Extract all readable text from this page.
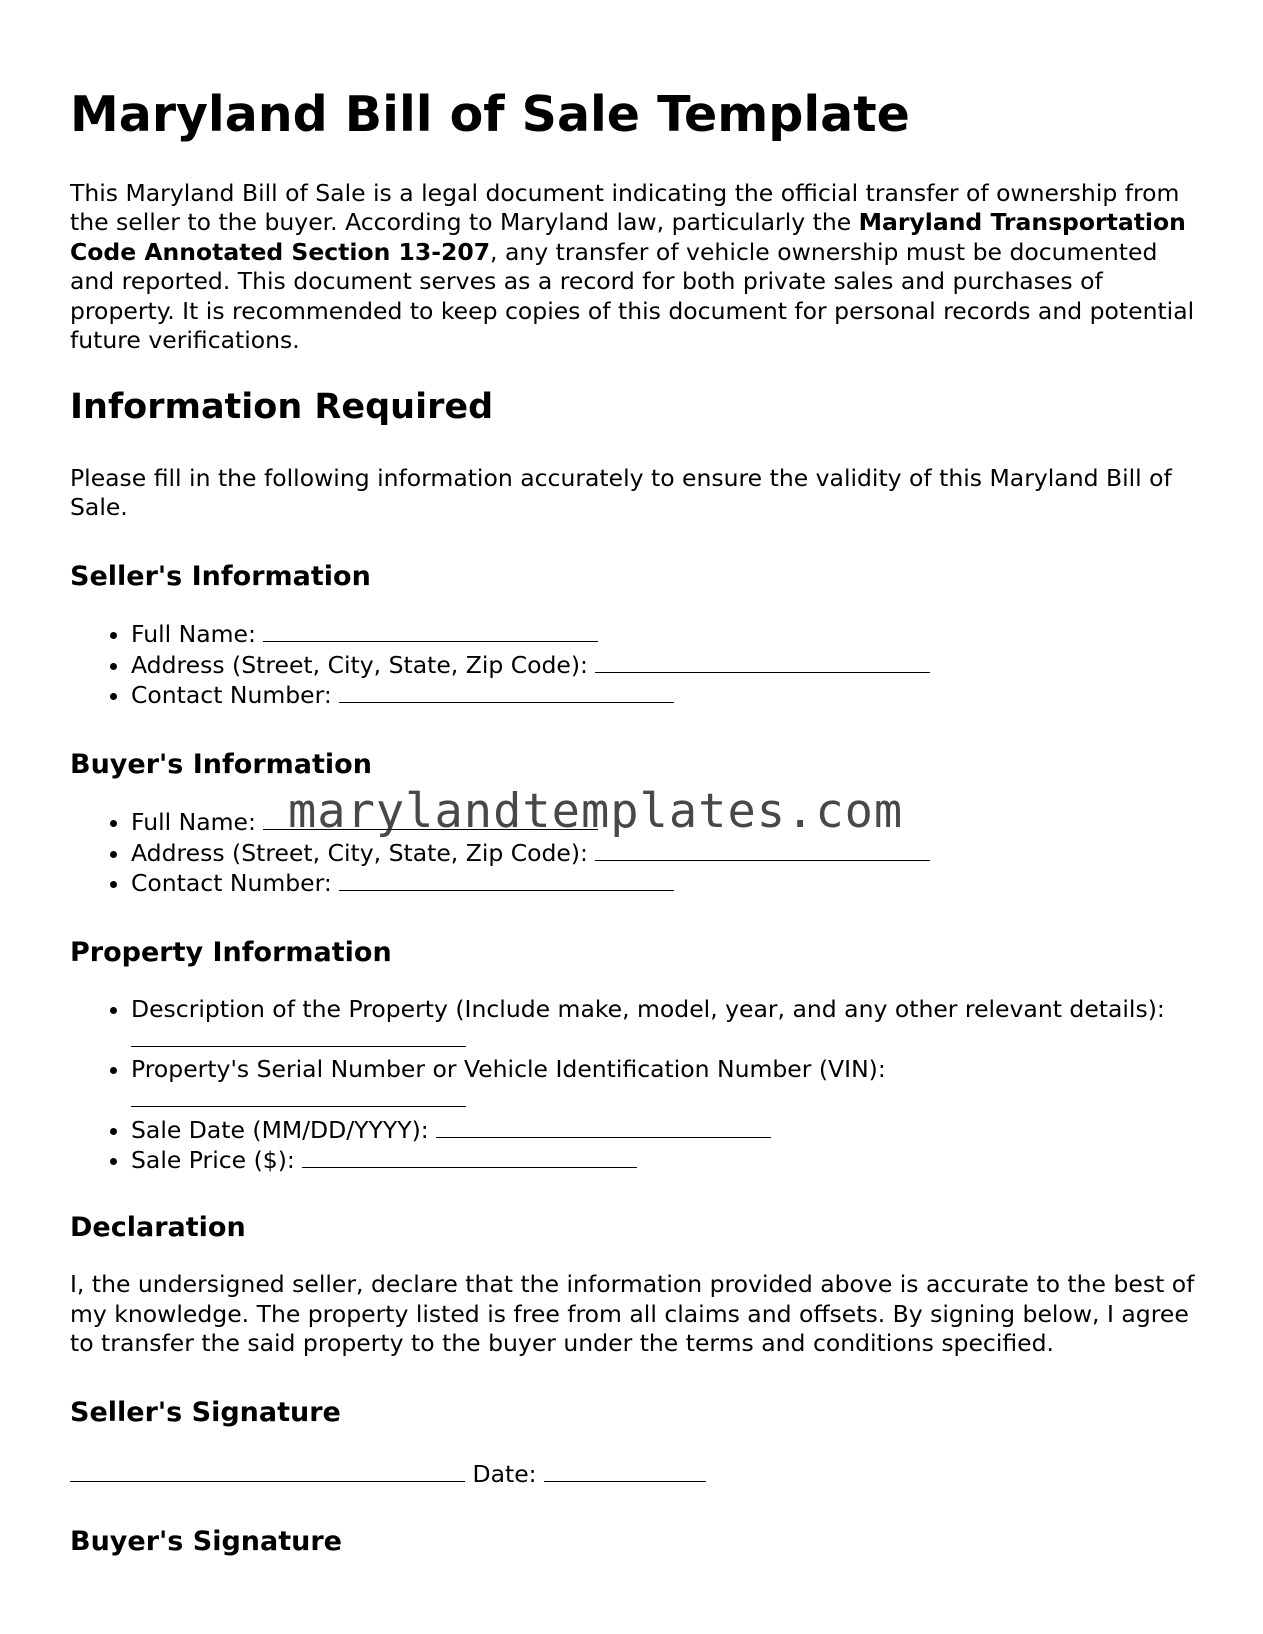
Maryland Bill of Sale Template

This Maryland Bill of Sale is a legal document indicating the official transfer of ownership from the seller to the buyer. According to Maryland law, particularly the Maryland Transportation Code Annotated Section 13-207, any transfer of vehicle ownership must be documented and reported. This document serves as a record for both private sales and purchases of property. It is recommended to keep copies of this document for personal records and potential future verifications.

Information Required

Please fill in the following information accurately to ensure the validity of this Maryland Bill of Sale.

Seller's Information
• Full Name:
• Address (Street, City, State, Zip Code):
• Contact Number:
Buyer's Information
• Full Name:
• Address (Street, City, State, Zip Code):
• Contact Number:
Property Information
• Description of the Property (Include make, model, year, and any other relevant details):
• Property's Serial Number or Vehicle Identification Number (VIN):

• Sale Date (MM/DD/YYYY):
• Sale Price ($):
Declaration

I, the undersigned seller, declare that the information provided above is accurate to the best of my knowledge. The property listed is free from all claims and offsets. By signing below, I agree to transfer the said property to the buyer under the terms and conditions specified.

Seller's Signature
Date:
Buyer's Signature
marylandtemplates.com
